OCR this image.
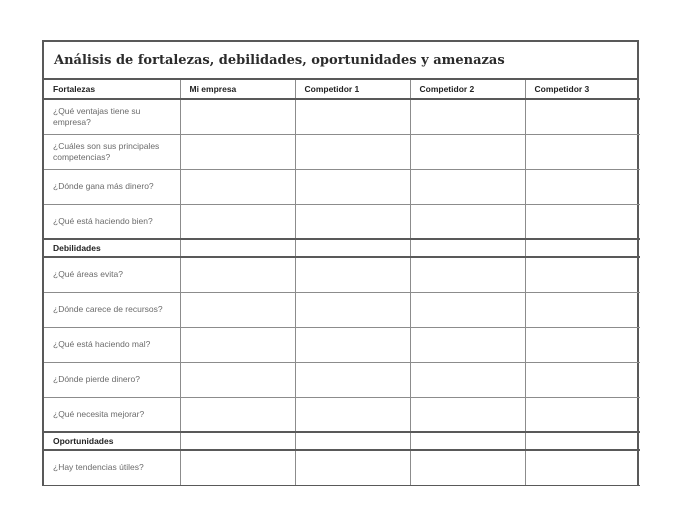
Análisis de fortalezas, debilidades, oportunidades y amenazas
Fortalezas	Mi empresa	Competidor 1	Competidor 2	Competidor 3
¿Qué ventajas tiene su empresa?				
¿Cuáles son sus principales competencias?				
¿Dónde gana más dinero?				
¿Qué está haciendo bien?				
Debilidades				
¿Qué áreas evita?				
¿Dónde carece de recursos?				
¿Qué está haciendo mal?				
¿Dónde pierde dinero?				
¿Qué necesita mejorar?				
Oportunidades				
¿Hay tendencias útiles?				
